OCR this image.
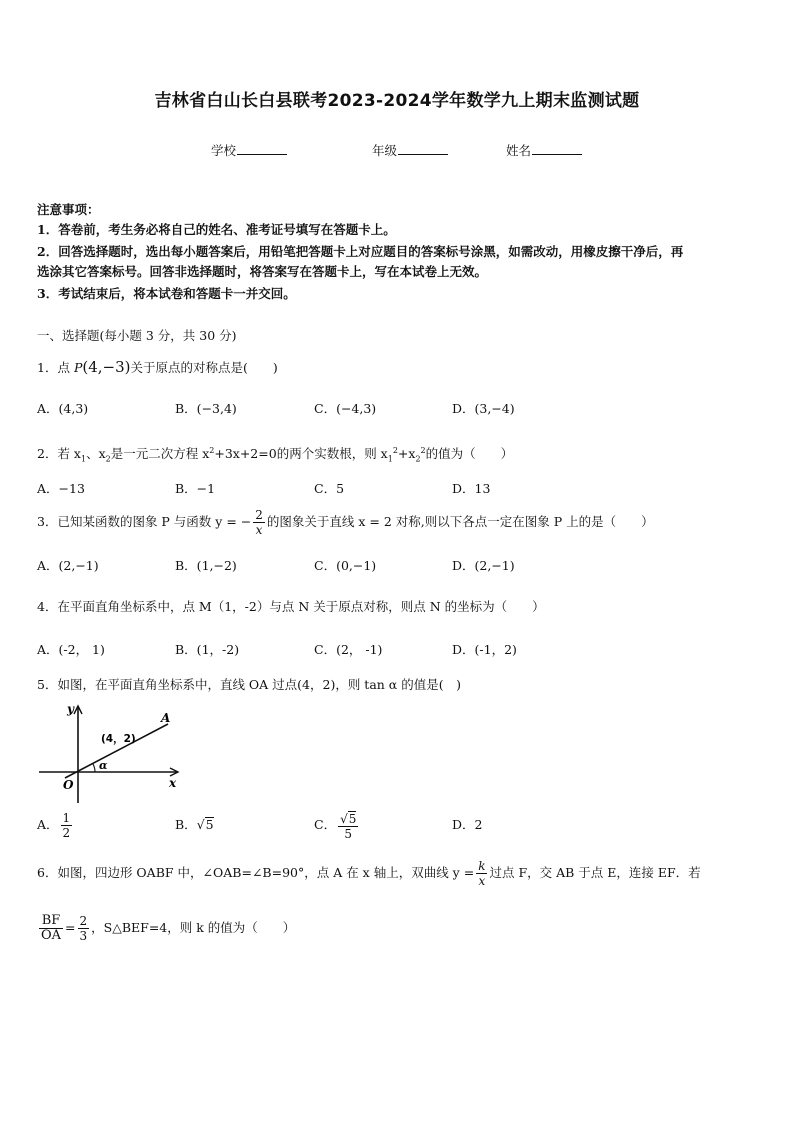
吉林省白山长白县联考2023-2024学年数学九上期末监测试题
学校	年级	姓名
注意事项：
1．答卷前，考生务必将自己的姓名、准考证号填写在答题卡上。
2．回答选择题时，选出每小题答案后，用铅笔把答题卡上对应题目的答案标号涂黑，如需改动，用橡皮擦干净后，再
选涂其它答案标号。回答非选择题时，将答案写在答题卡上，写在本试卷上无效。
3．考试结束后，将本试卷和答题卡一并交回。
一、选择题(每小题 3 分，共 30 分)
1．点 P(4,−3)关于原点的对称点是(　　)
A．(4,3)	B．(−3,4)	C．(−4,3)	D．(3,−4)
2．若 $x_1$、$x_2$是一元二次方程 $x^2+3x+2=0$的两个实数根，则 $x_1^2+x_2^2$的值为（　　）
A．−13	B．−1	C．5	D．13
3．已知某函数的图象 P 与函数 y = − $\frac{2}{x}$ 的图象关于直线 x = 2 对称,则以下各点一定在图象 P 上的是（　　）
A．(2,−1)	B．(1,−2)	C．(0,−1)	D．(2,−1)
4．在平面直角坐标系中，点 M（1，-2）与点 N 关于原点对称，则点 N 的坐标为（　　）
A．(-2， 1)	B．(1，-2)	C．(2， -1)	D．(-1，2)
5．如图，在平面直角坐标系中，直线 OA 过点(4，2)，则 tan α 的值是(　)
y
x
O
A
(4，2)
α
A． $\frac{1}{2}$	B．√5	C． $\frac{√5}{5}$	D．2
6．如图，四边形 OABF 中，∠OAB=∠B=90°，点 A 在 x 轴上，双曲线 $y = \frac{k}{x}$ 过点 F，交 AB 于点 E，连接 EF．若
$\frac{BF}{OA} = \frac{2}{3}$ ，S△BEF=4，则 k 的值为（　　）
